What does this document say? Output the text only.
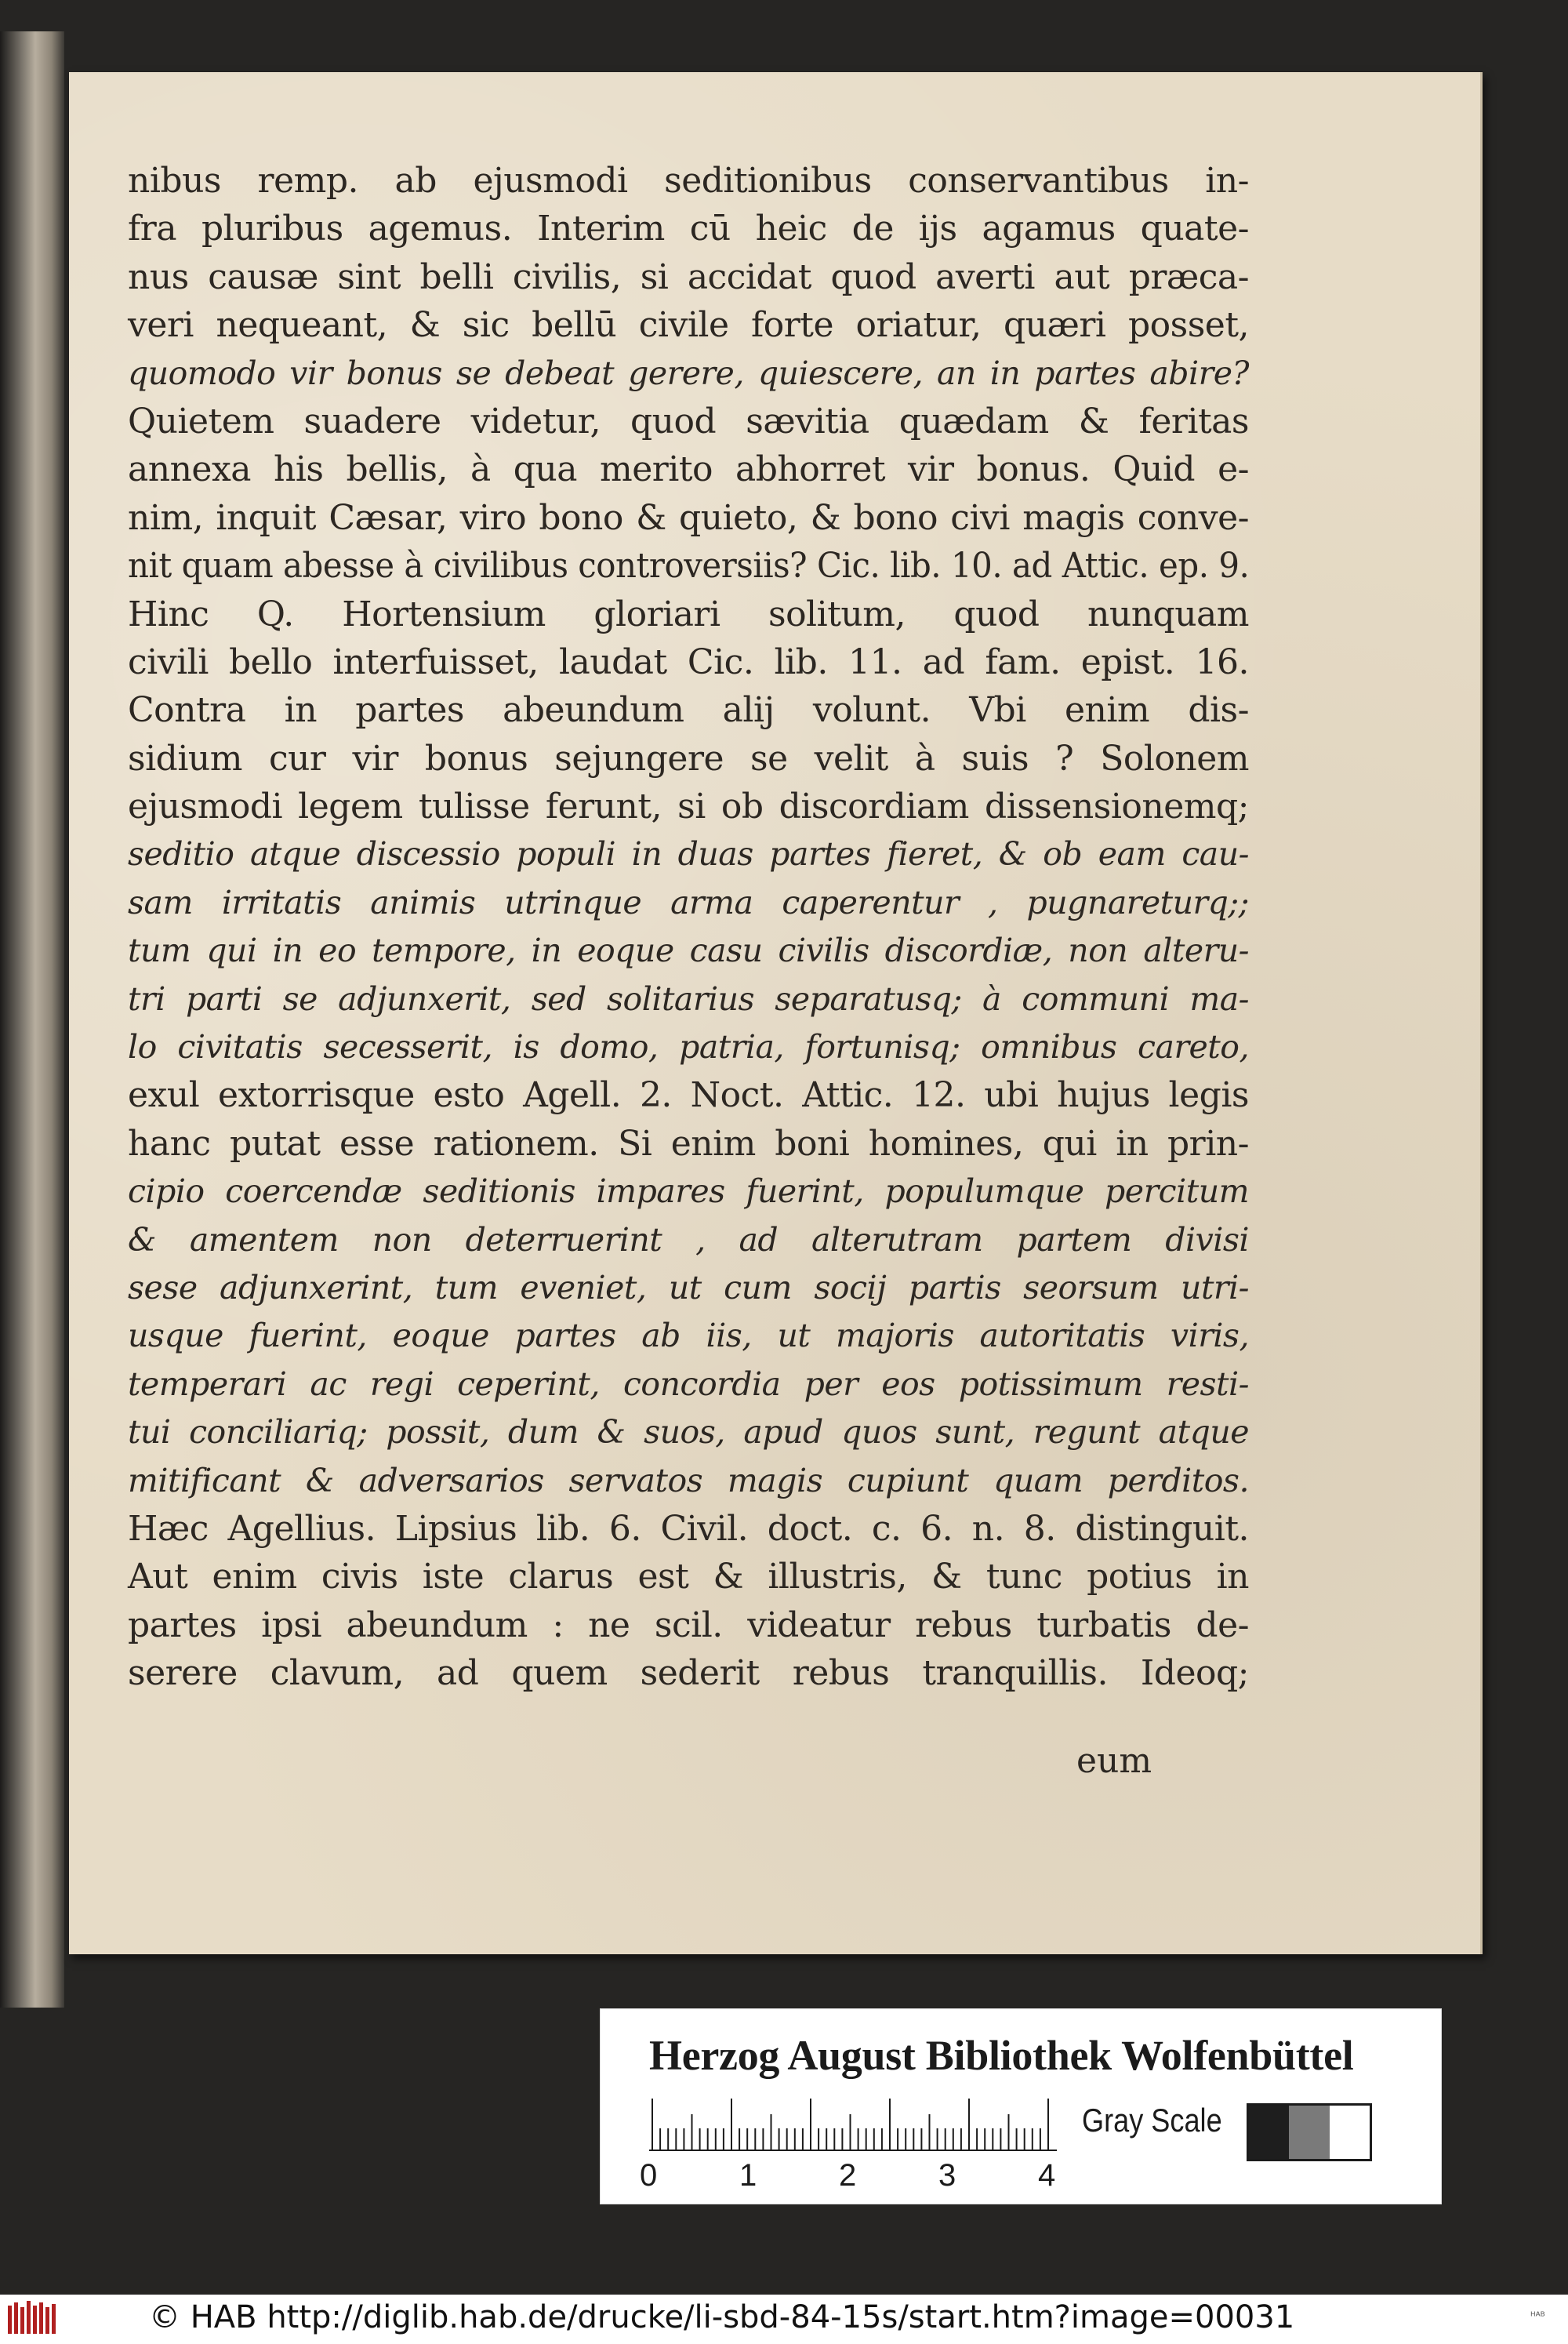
nibus remp. ab ejusmodi seditionibus conservantibus in-
fra pluribus agemus. Interim cū heic de ijs agamus quate-
nus causæ sint belli civilis, si accidat quod averti aut præca-
veri nequeant, & sic bellū civile forte oriatur, quæri posset,
quomodo vir bonus se debeat gerere, quiescere, an in partes abire?
Quietem suadere videtur, quod sævitia quædam & feritas
annexa his bellis, à qua merito abhorret vir bonus. Quid e-
nim, inquit Cæsar, viro bono & quieto, & bono civi magis conve-
nit quam abesse à civilibus controversiis? Cic. lib. 10. ad Attic. ep. 9.
Hinc Q. Hortensium gloriari solitum, quod nunquam
civili bello interfuisset, laudat Cic. lib. 11. ad fam. epist. 16.
Contra in partes abeundum alij volunt. Vbi enim dis-
sidium cur vir bonus sejungere se velit à suis ? Solonem
ejusmodi legem tulisse ferunt, si ob discordiam dissensionemq;
seditio atque discessio populi in duas partes fieret, & ob eam cau-
sam irritatis animis utrinque arma caperentur , pugnareturq;;
tum qui in eo tempore, in eoque casu civilis discordiæ, non alteru-
tri parti se adjunxerit, sed solitarius separatusq; à communi ma-
lo civitatis secesserit, is domo, patria, fortunisq; omnibus careto,
exul extorrisque esto Agell. 2. Noct. Attic. 12. ubi hujus legis
hanc putat esse rationem. Si enim boni homines, qui in prin-
cipio coercendæ seditionis impares fuerint, populumque percitum
& amentem non deterruerint , ad alterutram partem divisi
sese adjunxerint, tum eveniet, ut cum socij partis seorsum utri-
usque fuerint, eoque partes ab iis, ut majoris autoritatis viris,
temperari ac regi ceperint, concordia per eos potissimum resti-
tui conciliariq; possit, dum & suos, apud quos sunt, regunt atque
mitificant & adversarios servatos magis cupiunt quam perditos.
Hæc Agellius. Lipsius lib. 6. Civil. doct. c. 6. n. 8. distinguit.
Aut enim civis iste clarus est & illustris, & tunc potius in
partes ipsi abeundum : ne scil. videatur rebus turbatis de-
serere clavum, ad quem sederit rebus tranquillis. Ideoq;
eum
Herzog August Bibliothek Wolfenbüttel
0	1	2	3	4
Gray Scale
© HAB http://diglib.hab.de/drucke/li-sbd-84-15s/start.htm?image=00031	ᴴᴬᴮ
